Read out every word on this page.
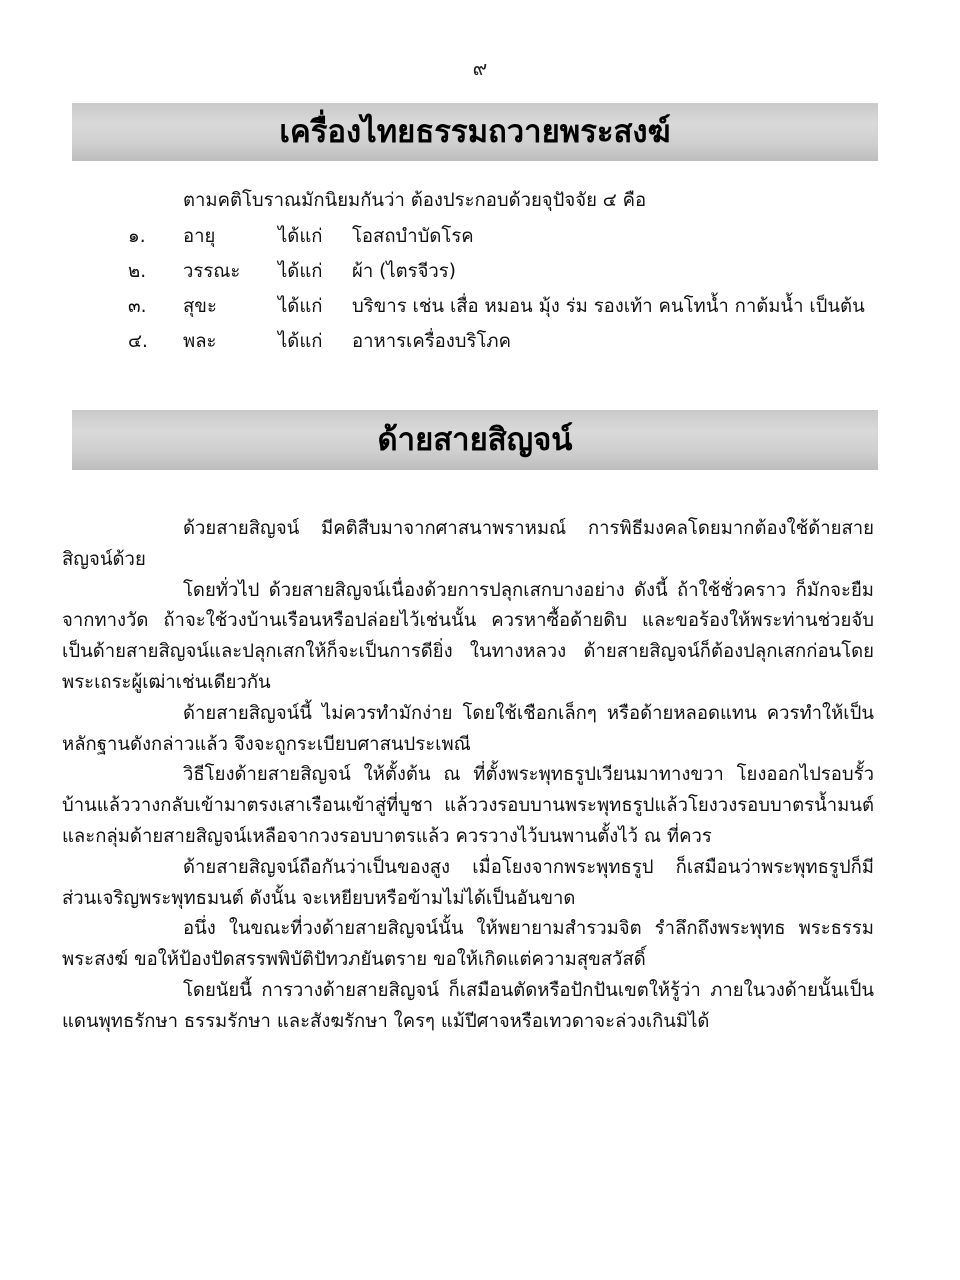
๙
เครื่องไทยธรรมถวายพระสงฆ์
ตามคติโบราณมักนิยมกันว่า ต้องประกอบด้วยจุปัจจัย ๔ คือ
๑. อายุ	ได้แก่ โอสถบำบัดโรค
๒. วรรณะ ได้แก่ ผ้า (ไตรจีวร)
๓. สุขะ	ได้แก่ บริขาร เช่น เสื่อ หมอน มุ้ง ร่ม รองเท้า คนโทน้ำ กาต้มน้ำ เป็นต้น
๔. พละ	ได้แก่ อาหารเครื่องบริโภค
ด้ายสายสิญจน์

ด้วยสายสิญจน์ มีคติสืบมาจากศาสนาพราหมณ์ การพิธีมงคลโดยมากต้องใช้ด้ายสายสิญจน์ด้วย

โดยทั่วไป ด้วยสายสิญจน์เนื่องด้วยการปลุกเสกบางอย่าง ดังนี้ ถ้าใช้ชั่วคราว ก็มักจะยืมจากทางวัด ถ้าจะใช้วงบ้านเรือนหรือปล่อยไว้เช่นนั้น ควรหาซื้อด้ายดิบ และขอร้องให้พระท่านช่วยจับเป็นด้ายสายสิญจน์และปลุกเสกให้ก็จะเป็นการดียิ่ง ในทางหลวง ด้ายสายสิญจน์ก็ต้องปลุกเสกก่อนโดยพระเถระผู้เฒ่าเช่นเดียวกัน

ด้ายสายสิญจน์นี้ ไม่ควรทำมักง่าย โดยใช้เชือกเล็กๆ หรือด้ายหลอดแทน ควรทำให้เป็นหลักฐานดังกล่าวแล้ว จึงจะถูกระเบียบศาสนประเพณี

วิธีโยงด้ายสายสิญจน์ ให้ตั้งต้น ณ ที่ตั้งพระพุทธรูปเวียนมาทางขวา โยงออกไปรอบรั้วบ้านแล้ววางกลับเข้ามาตรงเสาเรือนเข้าสู่ที่บูชา แล้ววงรอบบานพระพุทธรูปแล้วโยงวงรอบบาตรน้ำมนต์ และกลุ่มด้ายสายสิญจน์เหลือจากวงรอบบาตรแล้ว ควรวางไว้บนพานตั้งไว้ ณ ที่ควร

ด้ายสายสิญจน์ถือกันว่าเป็นของสูง เมื่อโยงจากพระพุทธรูป ก็เสมือนว่าพระพุทธรูปก็มีส่วนเจริญพระพุทธมนต์ ดังนั้น จะเหยียบหรือข้ามไม่ได้เป็นอันขาด

อนึ่ง ในขณะที่วงด้ายสายสิญจน์นั้น ให้พยายามสำรวมจิต รำลึกถึงพระพุทธ พระธรรม พระสงฆ์ ขอให้ป้องปัดสรรพพิบัติปัทวภยันตราย ขอให้เกิดแต่ความสุขสวัสดิ์

โดยนัยนี้ การวางด้ายสายสิญจน์ ก็เสมือนตัดหรือปักปันเขตให้รู้ว่า ภายในวงด้ายนั้นเป็นแดนพุทธรักษา ธรรมรักษา และสังฆรักษา ใครๆ แม้ปีศาจหรือเทวดาจะล่วงเกินมิได้
